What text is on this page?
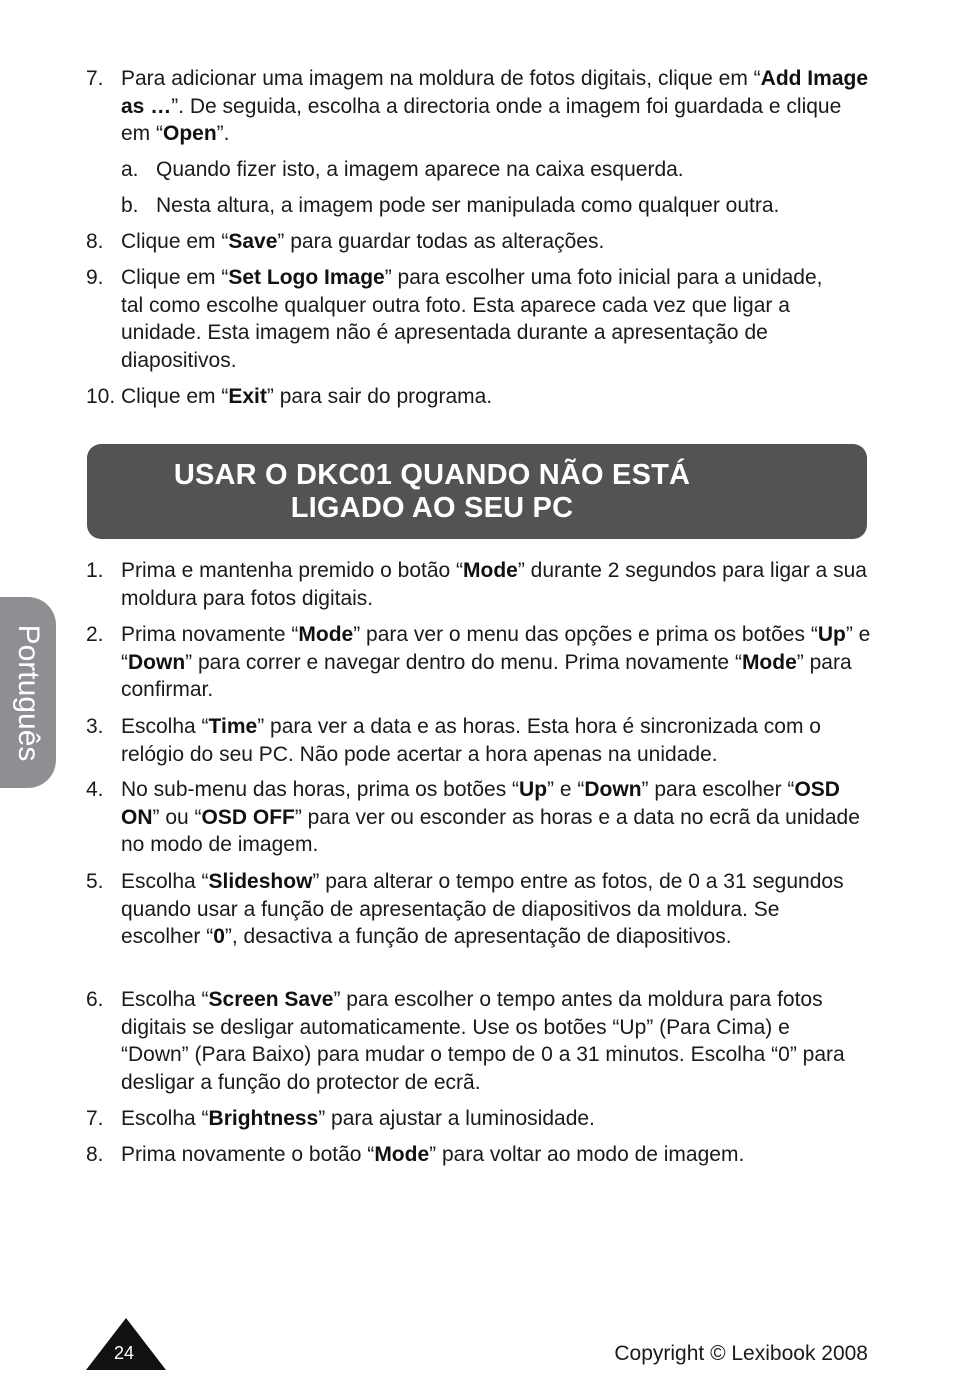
7. Para adicionar uma imagem na moldura de fotos digitais, clique em “Add Image as …”. De seguida, escolha a directoria onde a imagem foi guardada e clique em “Open”.
a. Quando fizer isto, a imagem aparece na caixa esquerda.
b. Nesta altura, a imagem pode ser manipulada como qualquer outra.
8. Clique em “Save” para guardar todas as alterações.
9. Clique em “Set Logo Image” para escolher uma foto inicial para a unidade, tal como escolhe qualquer outra foto. Esta aparece cada vez que ligar a unidade. Esta imagem não é apresentada durante a apresentação de diapositivos.
10. Clique em “Exit” para sair do programa.
USAR O DKC01 QUANDO NÃO ESTÁ
LIGADO AO SEU PC
1. Prima e mantenha premido o botão “Mode” durante 2 segundos para ligar a sua moldura para fotos digitais.
2. Prima novamente “Mode” para ver o menu das opções e prima os botões “Up” e “Down” para correr e navegar dentro do menu. Prima novamente “Mode” para confirmar.
3. Escolha “Time” para ver a data e as horas. Esta hora é sincronizada com o relógio do seu PC. Não pode acertar a hora apenas na unidade.
4. No sub-menu das horas, prima os botões “Up” e “Down” para escolher “OSD ON” ou “OSD OFF” para ver ou esconder as horas e a data no ecrã da unidade no modo de imagem.
5. Escolha “Slideshow” para alterar o tempo entre as fotos, de 0 a 31 segundos quando usar a função de apresentação de diapositivos da moldura. Se escolher “0”, desactiva a função de apresentação de diapositivos.
6. Escolha “Screen Save” para escolher o tempo antes da moldura para fotos digitais se desligar automaticamente. Use os botões “Up” (Para Cima) e “Down” (Para Baixo) para mudar o tempo de 0 a 31 minutos. Escolha “0” para desligar a função do protector de ecrã.
7. Escolha “Brightness” para ajustar a luminosidade.
8. Prima novamente o botão “Mode” para voltar ao modo de imagem.
Português
24	Copyright © Lexibook 2008
